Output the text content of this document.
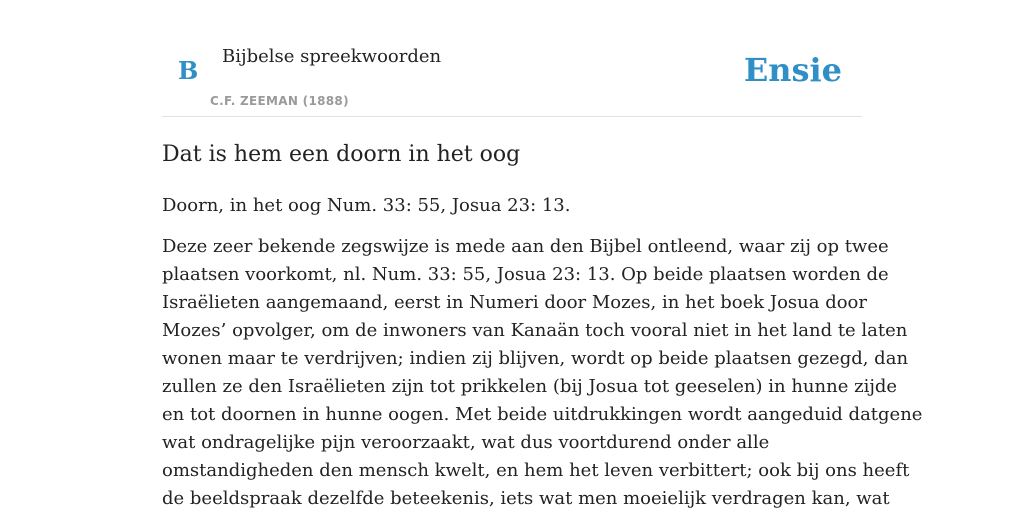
B Bijbelse spreekwoorden
C.F. ZEEMAN (1888)
Ensie
Dat is hem een doorn in het oog

Doorn, in het oog Num. 33: 55, Josua 23: 13.

Deze zeer bekende zegswijze is mede aan den Bijbel ontleend, waar zij op twee
plaatsen voorkomt, nl. Num. 33: 55, Josua 23: 13. Op beide plaatsen worden de
Israëlieten aangemaand, eerst in Numeri door Mozes, in het boek Josua door
Mozes’ opvolger, om de inwoners van Kanaän toch vooral niet in het land te laten
wonen maar te verdrijven; indien zij blijven, wordt op beide plaatsen gezegd, dan
zullen ze den Israëlieten zijn tot prikkelen (bij Josua tot geeselen) in hunne zijde
en tot doornen in hunne oogen. Met beide uitdrukkingen wordt aangeduid datgene
wat ondragelijke pijn veroorzaakt, wat dus voortdurend onder alle
omstandigheden den mensch kwelt, en hem het leven verbittert; ook bij ons heeft
de beeldspraak dezelfde beteekenis, iets wat men moeielijk verdragen kan, wat
